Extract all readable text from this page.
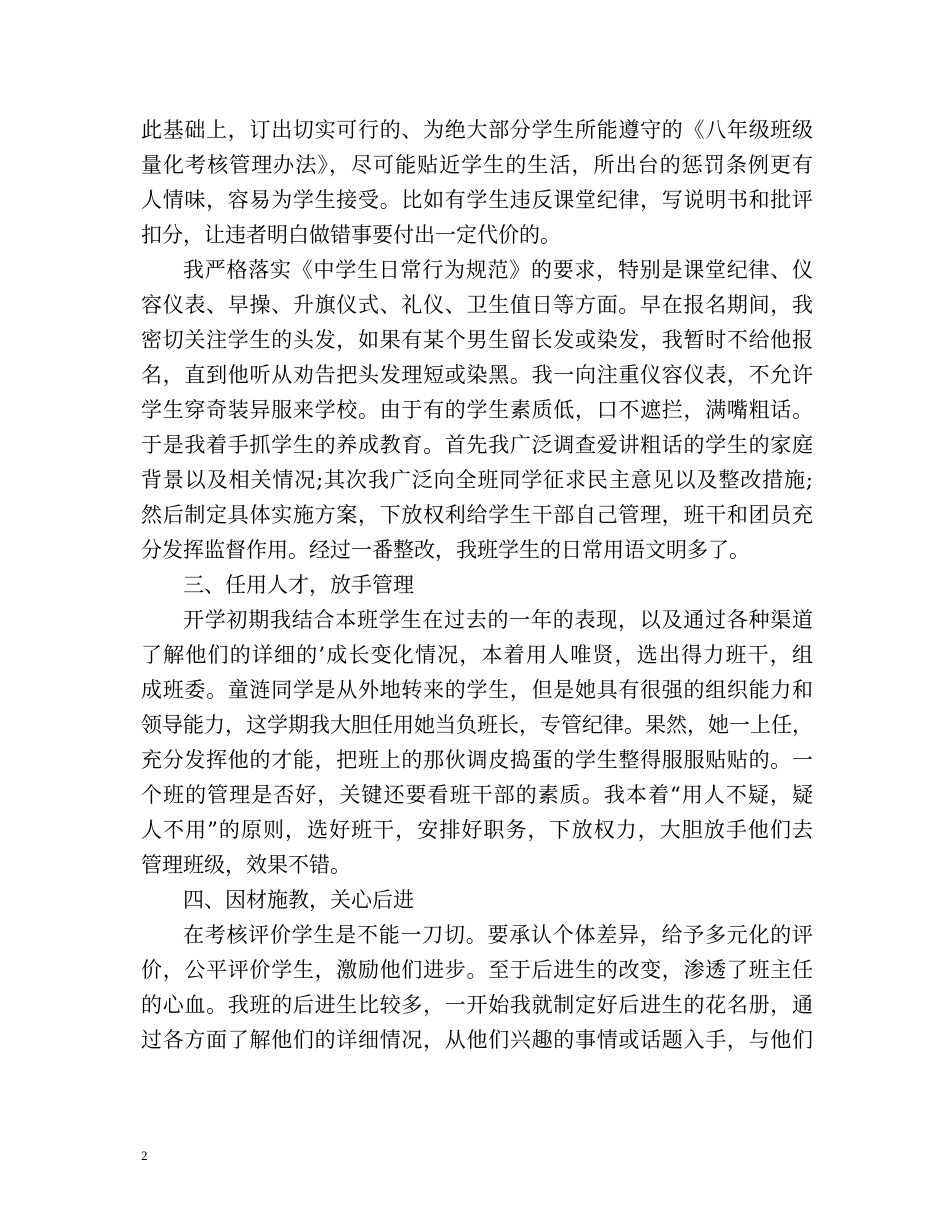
此基础上，订出切实可行的、为绝大部分学生所能遵守的《八年级班级
量化考核管理办法》，尽可能贴近学生的生活，所出台的惩罚条例更有
人情味，容易为学生接受。比如有学生违反课堂纪律，写说明书和批评
扣分，让违者明白做错事要付出一定代价的。
我严格落实《中学生日常行为规范》的要求，特别是课堂纪律、仪
容仪表、早操、升旗仪式、礼仪、卫生值日等方面。早在报名期间，我
密切关注学生的头发，如果有某个男生留长发或染发，我暂时不给他报
名，直到他听从劝告把头发理短或染黑。我一向注重仪容仪表，不允许
学生穿奇装异服来学校。由于有的学生素质低，口不遮拦，满嘴粗话。
于是我着手抓学生的养成教育。首先我广泛调查爱讲粗话的学生的家庭
背景以及相关情况;其次我广泛向全班同学征求民主意见以及整改措施;
然后制定具体实施方案，下放权利给学生干部自己管理，班干和团员充
分发挥监督作用。经过一番整改，我班学生的日常用语文明多了。
三、任用人才，放手管理
开学初期我结合本班学生在过去的一年的表现，以及通过各种渠道
了解他们的详细的’成长变化情况，本着用人唯贤，选出得力班干，组
成班委。童涟同学是从外地转来的学生，但是她具有很强的组织能力和
领导能力，这学期我大胆任用她当负班长，专管纪律。果然，她一上任，
充分发挥他的才能，把班上的那伙调皮捣蛋的学生整得服服贴贴的。一
个班的管理是否好，关键还要看班干部的素质。我本着“用人不疑，疑
人不用”的原则，选好班干，安排好职务，下放权力，大胆放手他们去
管理班级，效果不错。
四、因材施教，关心后进
在考核评价学生是不能一刀切。要承认个体差异，给予多元化的评
价，公平评价学生，激励他们进步。至于后进生的改变，渗透了班主任
的心血。我班的后进生比较多，一开始我就制定好后进生的花名册，通
过各方面了解他们的详细情况，从他们兴趣的事情或话题入手，与他们
2
